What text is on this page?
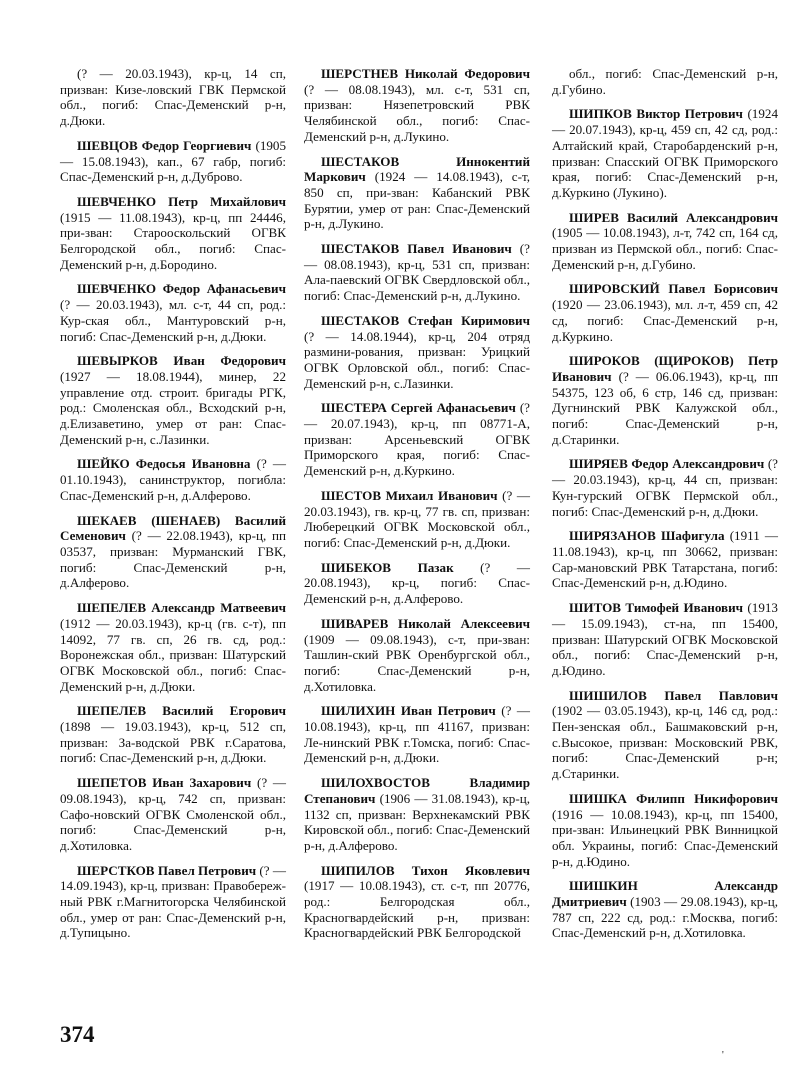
(? — 20.03.1943), кр-ц, 14 сп, призван: Кизе-ловский ГВК Пермской обл., погиб: Спас-Деменский р-н, д.Дюки.

ШЕВЦОВ Федор Георгиевич (1905 — 15.08.1943), кап., 67 габр, погиб: Спас-Деменский р-н, д.Дуброво.

ШЕВЧЕНКО Петр Михайлович (1915 — 11.08.1943), кр-ц, пп 24446, при-зван: Старооскольский ОГВК Белгородской обл., погиб: Спас-Деменский р-н, д.Бородино.

ШЕВЧЕНКО Федор Афанасьевич (? — 20.03.1943), мл. с-т, 44 сп, род.: Кур-ская обл., Мантуровский р-н, погиб: Спас-Деменский р-н, д.Дюки.

ШЕВЫРКОВ Иван Федорович (1927 — 18.08.1944), минер, 22 управление отд. строит. бригады РГК, род.: Смоленская обл., Всходский р-н, д.Елизаветино, умер от ран: Спас-Деменский р-н, с.Лазинки.

ШЕЙКО Федосья Ивановна (? — 01.10.1943), санинструктор, погибла: Спас-Деменский р-н, д.Алферово.

ШЕКАЕВ (ШЕНАЕВ) Василий Семенович (? — 22.08.1943), кр-ц, пп 03537, призван: Мурманский ГВК, погиб: Спас-Деменский р-н, д.Алферово.

ШЕПЕЛЕВ Александр Матвеевич (1912 — 20.03.1943), кр-ц (гв. с-т), пп 14092, 77 гв. сп, 26 гв. сд, род.: Воронежская обл., призван: Шатурский ОГВК Московской обл., погиб: Спас-Деменский р-н, д.Дюки.

ШЕПЕЛЕВ Василий Егорович (1898 — 19.03.1943), кр-ц, 512 сп, призван: За-водской РВК г.Саратова, погиб: Спас-Деменский р-н, д.Дюки.

ШЕПЕТОВ Иван Захарович (? — 09.08.1943), кр-ц, 742 сп, призван: Сафо-новский ОГВК Смоленской обл., погиб: Спас-Деменский р-н, д.Хотиловка.

ШЕРСТКОВ Павел Петрович (? — 14.09.1943), кр-ц, призван: Правобереж-ный РВК г.Магнитогорска Челябинской обл., умер от ран: Спас-Деменский р-н, д.Тупицыно.

ШЕРСТНЕВ Николай Федорович (? — 08.08.1943), мл. с-т, 531 сп, призван: Нязепетровский РВК Челябинской обл., погиб: Спас-Деменский р-н, д.Лукино.

ШЕСТАКОВ Иннокентий Маркович (1924 — 14.08.1943), с-т, 850 сп, при-зван: Кабанский РВК Бурятии, умер от ран: Спас-Деменский р-н, д.Лукино.

ШЕСТАКОВ Павел Иванович (? — 08.08.1943), кр-ц, 531 сп, призван: Ала-паевский ОГВК Свердловской обл., погиб: Спас-Деменский р-н, д.Лукино.

ШЕСТАКОВ Стефан Киримович (? — 14.08.1944), кр-ц, 204 отряд размини-рования, призван: Урицкий ОГВК Орловской обл., погиб: Спас-Деменский р-н, с.Лазинки.

ШЕСТЕРА Сергей Афанасьевич (? — 20.07.1943), кр-ц, пп 08771-А, призван: Арсеньевский ОГВК Приморского края, погиб: Спас-Деменский р-н, д.Куркино.

ШЕСТОВ Михаил Иванович (? — 20.03.1943), гв. кр-ц, 77 гв. сп, призван: Люберецкий ОГВК Московской обл., погиб: Спас-Деменский р-н, д.Дюки.

ШИБЕКОВ Пазак (? — 20.08.1943), кр-ц, погиб: Спас-Деменский р-н, д.Алферово.

ШИВАРЕВ Николай Алексеевич (1909 — 09.08.1943), с-т, при-зван: Ташлин-ский РВК Оренбургской обл., погиб: Спас-Деменский р-н, д.Хотиловка.

ШИЛИХИН Иван Петрович (? — 10.08.1943), кр-ц, пп 41167, призван: Ле-нинский РВК г.Томска, погиб: Спас-Деменский р-н, д.Дюки.

ШИЛОХВОСТОВ Владимир Степанович (1906 — 31.08.1943), кр-ц, 1132 сп, призван: Верхнекамский РВК Кировской обл., погиб: Спас-Деменский р-н, д.Алферово.

ШИПИЛОВ Тихон Яковлевич (1917 — 10.08.1943), ст. с-т, пп 20776, род.: Белгородская обл., Красногвардейский р-н, призван: Красногвардейский РВК Белгородской

обл., погиб: Спас-Деменский р-н, д.Губино.

ШИПКОВ Виктор Петрович (1924 — 20.07.1943), кр-ц, 459 сп, 42 сд, род.: Алтайский край, Старобарденский р-н, призван: Спасский ОГВК Приморского края, погиб: Спас-Деменский р-н, д.Куркино (Лукино).

ШИРЕВ Василий Александрович (1905 — 10.08.1943), л-т, 742 сп, 164 сд, призван из Пермской обл., погиб: Спас-Деменский р-н, д.Губино.

ШИРОВСКИЙ Павел Борисович (1920 — 23.06.1943), мл. л-т, 459 сп, 42 сд, погиб: Спас-Деменский р-н, д.Куркино.

ШИРОКОВ (ЩИРОКОВ) Петр Иванович (? — 06.06.1943), кр-ц, пп 54375, 123 об, 6 стр, 146 сд, призван: Дугнинский РВК Калужской обл., погиб: Спас-Деменский р-н, д.Старинки.

ШИРЯЕВ Федор Александрович (? — 20.03.1943), кр-ц, 44 сп, призван: Кун-гурский ОГВК Пермской обл., погиб: Спас-Деменский р-н, д.Дюки.

ШИРЯЗАНОВ Шафигула (1911 — 11.08.1943), кр-ц, пп 30662, призван: Сар-мановский РВК Татарстана, погиб: Спас-Деменский р-н, д.Юдино.

ШИТОВ Тимофей Иванович (1913 — 15.09.1943), ст-на, пп 15400, призван: Шатурский ОГВК Московской обл., погиб: Спас-Деменский р-н, д.Юдино.

ШИШИЛОВ Павел Павлович (1902 — 03.05.1943), кр-ц, 146 сд, род.: Пен-зенская обл., Башмаковский р-н, с.Высокое, призван: Московский РВК, погиб: Спас-Деменский р-н; д.Старинки.

ШИШКА Филипп Никифорович (1916 — 10.08.1943), кр-ц, пп 15400, при-зван: Ильинецкий РВК Винницкой обл. Украины, погиб: Спас-Деменский р-н, д.Юдино.

ШИШКИН Александр Дмитриевич (1903 — 29.08.1943), кр-ц, 787 сп, 222 сд, род.: г.Москва, погиб: Спас-Деменский р-н, д.Хотиловка.

374
'
